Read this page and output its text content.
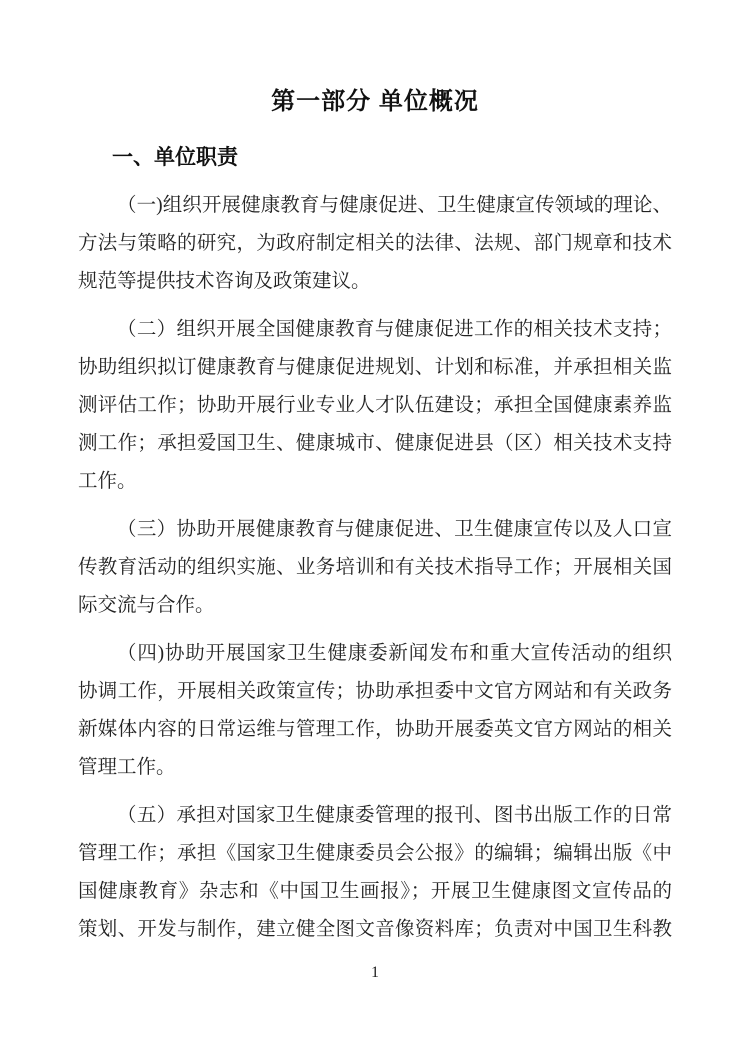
第一部分 单位概况
一、单位职责

（一)组织开展健康教育与健康促进、卫生健康宣传领域的理论、
方法与策略的研究，为政府制定相关的法律、法规、部门规章和技术
规范等提供技术咨询及政策建议。

（二）组织开展全国健康教育与健康促进工作的相关技术支持；
协助组织拟订健康教育与健康促进规划、计划和标准，并承担相关监
测评估工作；协助开展行业专业人才队伍建设；承担全国健康素养监
测工作；承担爱国卫生、健康城市、健康促进县（区）相关技术支持
工作。

（三）协助开展健康教育与健康促进、卫生健康宣传以及人口宣
传教育活动的组织实施、业务培训和有关技术指导工作；开展相关国
际交流与合作。

（四)协助开展国家卫生健康委新闻发布和重大宣传活动的组织
协调工作，开展相关政策宣传；协助承担委中文官方网站和有关政务
新媒体内容的日常运维与管理工作，协助开展委英文官方网站的相关
管理工作。

（五）承担对国家卫生健康委管理的报刊、图书出版工作的日常
管理工作；承担《国家卫生健康委员会公报》的编辑；编辑出版《中
国健康教育》杂志和《中国卫生画报》；开展卫生健康图文宣传品的
策划、开发与制作，建立健全图文音像资料库；负责对中国卫生科教

1
